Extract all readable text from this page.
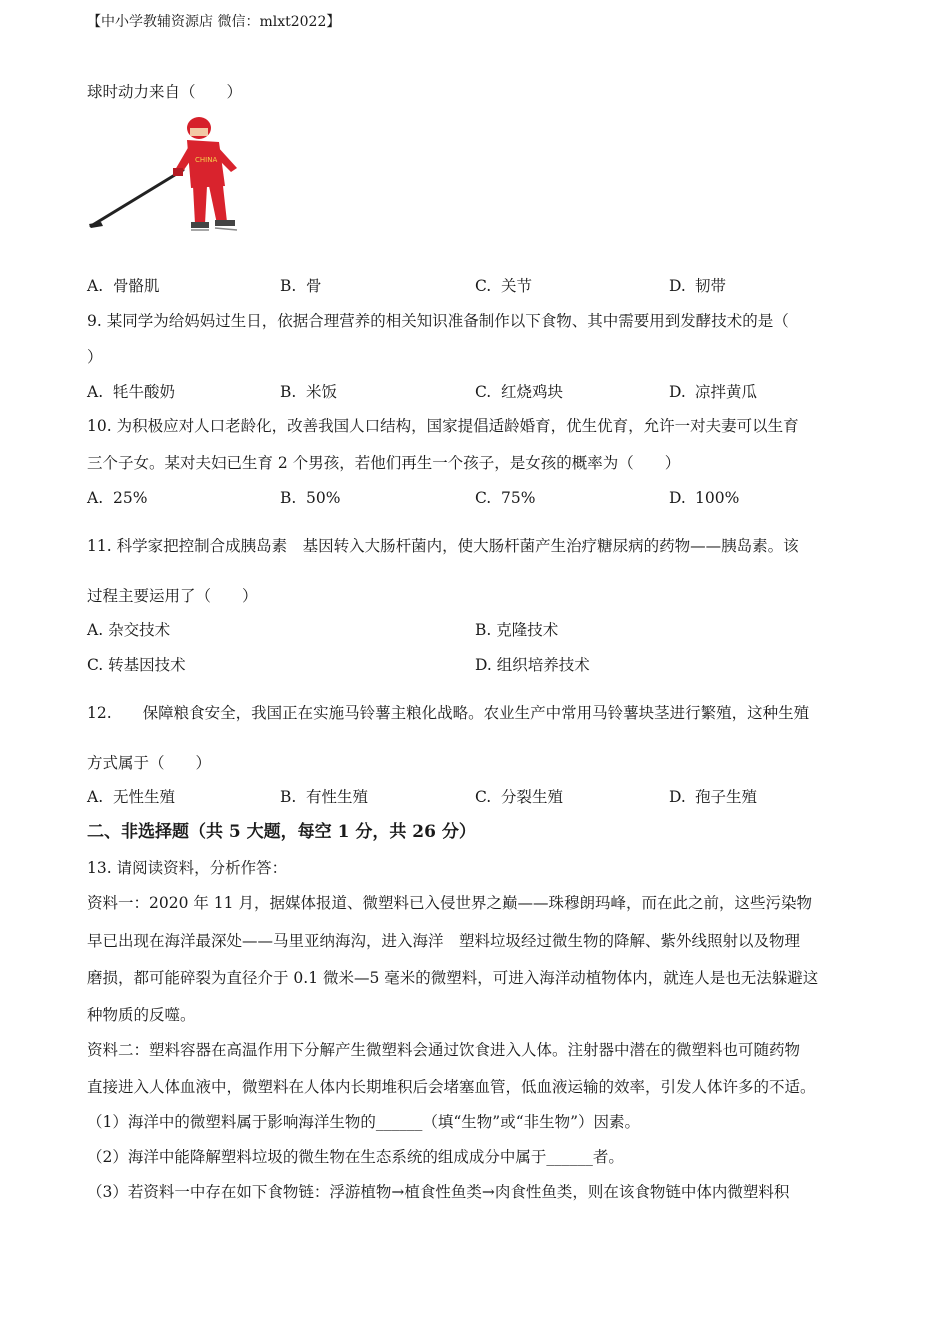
【中小学教辅资源店 微信：mlxt2022】
球时动力来自（　　）
CHINA
A. 骨骼肌	B. 骨	C. 关节	D. 韧带
9. 某同学为给妈妈过生日，依据合理营养的相关知识准备制作以下食物、其中需要用到发酵技术的是（
）
A. 牦牛酸奶	B. 米饭	C. 红烧鸡块	D. 凉拌黄瓜
10. 为积极应对人口老龄化，改善我国人口结构，国家提倡适龄婚育，优生优育，允许一对夫妻可以生育
三个子女。某对夫妇已生育 2 个男孩，若他们再生一个孩子，是女孩的概率为（　　）
A. 25%	B. 50%	C. 75%	D. 100%
11. 科学家把控制合成胰岛素　基因转入大肠杆菌内，使大肠杆菌产生治疗糖尿病的药物——胰岛素。该
过程主要运用了（　　）
A. 杂交技术	B. 克隆技术
C. 转基因技术	D. 组织培养技术
12.　　保障粮食安全，我国正在实施马铃薯主粮化战略。农业生产中常用马铃薯块茎进行繁殖，这种生殖
方式属于（　　）
A. 无性生殖	B. 有性生殖	C. 分裂生殖	D. 孢子生殖
二、非选择题（共 5 大题，每空 1 分，共 26 分）
13. 请阅读资料，分析作答：
资料一：2020 年 11 月，据媒体报道、微塑料已入侵世界之巅——珠穆朗玛峰，而在此之前，这些污染物
早已出现在海洋最深处——马里亚纳海沟，进入海洋　塑料垃圾经过微生物的降解、紫外线照射以及物理
磨损，都可能碎裂为直径介于 0.1 微米—5 毫米的微塑料，可进入海洋动植物体内，就连人是也无法躲避这
种物质的反噬。
资料二：塑料容器在高温作用下分解产生微塑料会通过饮食进入人体。注射器中潜在的微塑料也可随药物
直接进入人体血液中，微塑料在人体内长期堆积后会堵塞血管，低血液运输的效率，引发人体许多的不适。
（1）海洋中的微塑料属于影响海洋生物的______（填“生物”或“非生物”）因素。
（2）海洋中能降解塑料垃圾的微生物在生态系统的组成成分中属于______者。
（3）若资料一中存在如下食物链：浮游植物→植食性鱼类→肉食性鱼类，则在该食物链中体内微塑料积
